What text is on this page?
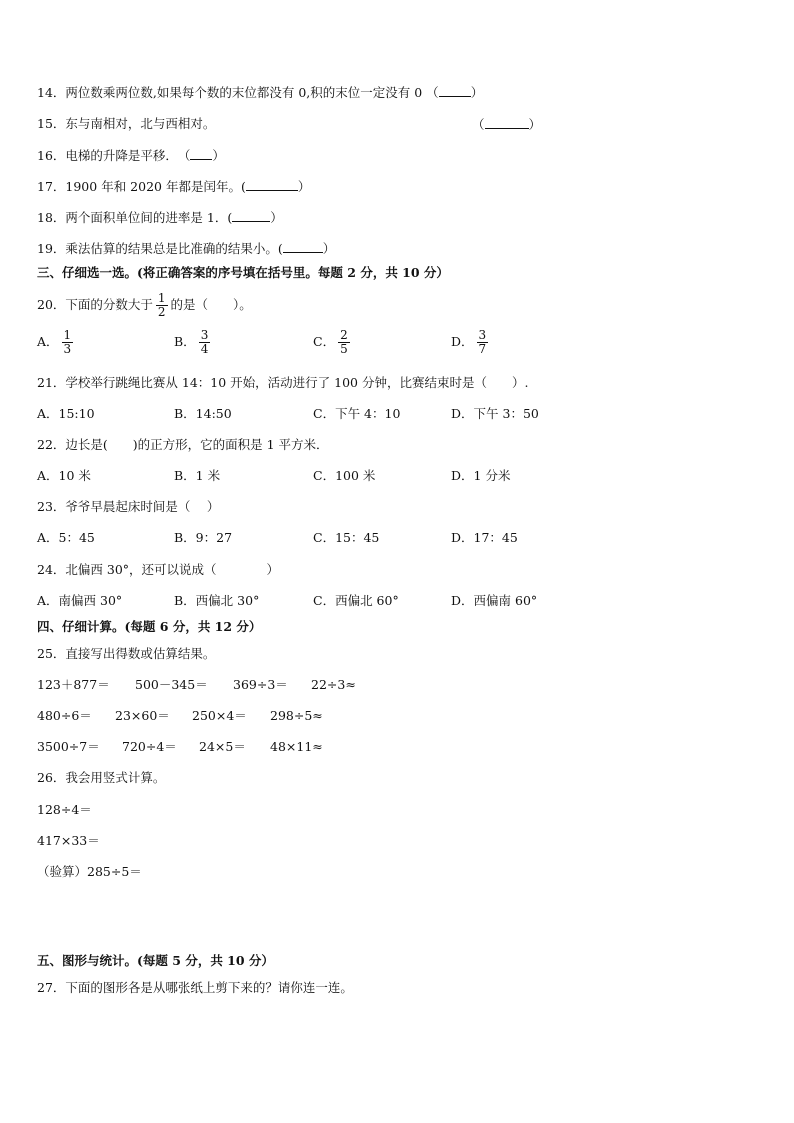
14．两位数乘两位数,如果每个数的末位都没有 0,积的末位一定没有 0 （	）
15．东与南相对，北与西相对。	（	）
16．电梯的升降是平移．　（ ）
17．1900 年和 2020 年都是闰年。(	）
18．两个面积单位间的进率是 1．(	）
19．乘法估算的结果总是比准确的结果小。(	）
三、仔细选一选。(将正确答案的序号填在括号里。每题 2 分，共 10 分）
20．下面的分数大于 $\frac{1}{2}$ 的是（　　）。
A． $\frac{1}{3}$	B． $\frac{3}{4}$	C． $\frac{2}{5}$	D． $\frac{3}{7}$
21．学校举行跳绳比赛从 14：10 开始，活动进行了 100 分钟，比赛结束时是（　　）.
A．15:10	B．14:50	C．下午 4：10	D．下午 3：50
22．边长是(　　)的正方形，它的面积是 1 平方米．
A．10 米	B．1 米	C．100 米	D．1 分米
23．爷爷早晨起床时间是（　 ）
A．5：45	B．9：27	C．15：45	D．17：45
24．北偏西 30°，还可以说成（　　　　）
A．南偏西 30°	B．西偏北 30°	C．西偏北 60°	D．西偏南 60°
四、仔细计算。(每题 6 分，共 12 分）
25．直接写出得数或估算结果。
123＋877＝ 500－345＝ 369÷3＝ 22÷3≈
480÷6＝ 23×60＝ 250×4＝ 298÷5≈
3500÷7＝ 720÷4＝ 24×5＝ 48×11≈
26．我会用竖式计算。
128÷4＝
417×33＝
（验算）285÷5＝
五、图形与统计。(每题 5 分，共 10 分）
27．下面的图形各是从哪张纸上剪下来的？请你连一连。
